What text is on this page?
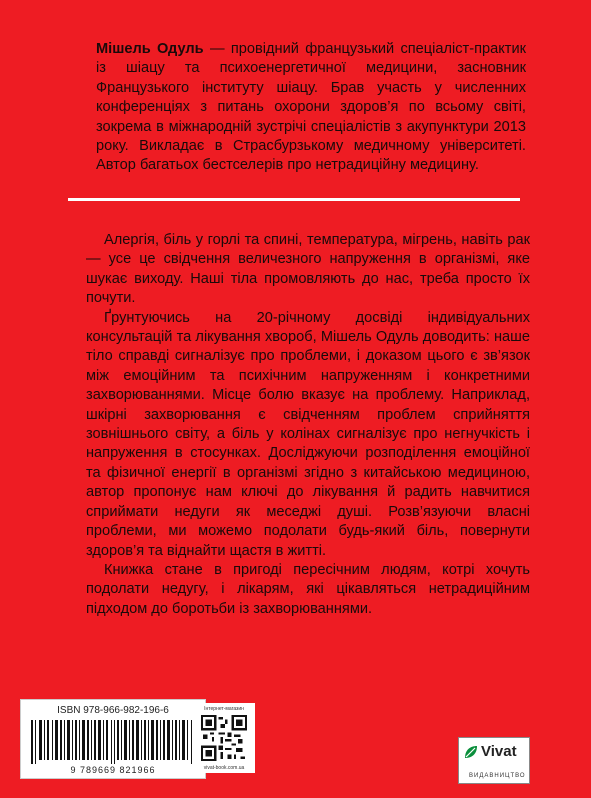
Мішель Одуль — провідний французький спеціаліст-практик із шіацу та психоенергетичної медицини, засновник Французького інституту шіацу. Брав участь у численних конференціях з питань охорони здоров’я по всьому світі, зокрема в міжнародній зустрічі спеціалістів з акупунктури 2013 року. Викладає в Страсбурзькому медичному університеті. Автор багатьох бестселерів про нетрадиційну медицину.

Алергія, біль у горлі та спині, температура, мігрень, навіть рак — усе це свідчення величезного напруження в організмі, яке шукає виходу. Наші тіла промовляють до нас, треба просто їх почути.

Ґрунтуючись на 20-річному досвіді індивідуальних консультацій та лікування хвороб, Мішель Одуль доводить: наше тіло справді сигналізує про проблеми, і доказом цього є зв’язок між емоційним та психічним напруженням і конкретними захворюваннями. Місце болю вказує на проблему. Наприклад, шкірні захворювання є свідченням проблем сприйняття зовнішнього світу, а біль у колінах сигналізує про негнучкість і напруження в стосунках. Досліджуючи розподілення емоційної та фізичної енергії в організмі згідно з китайською медициною, автор пропонує нам ключі до лікування й радить навчитися сприймати недуги як меседжі душі. Розв’язуючи власні проблеми, ми можемо подолати будь-який біль, повернути здоров’я та віднайти щастя в житті.

Книжка стане в пригоді пересічним людям, котрі хочуть подолати недугу, і лікарям, які цікавляться нетрадиційним підходом до боротьби із захворюваннями.

ISBN 978-966-982-196-6
9 789669 821966
Інтернет-магазин
vivat-book.com.ua
Vivat
ВИДАВНИЦТВО
